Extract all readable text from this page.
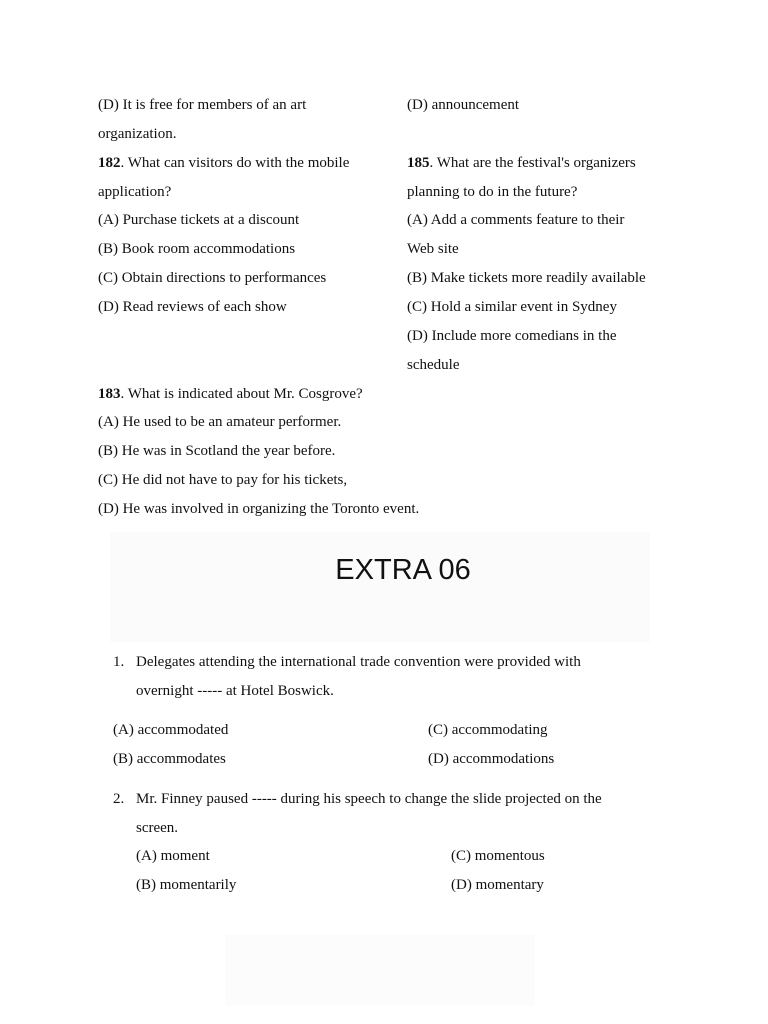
(D) It is free for members of an art
organization.
182. What can visitors do with the mobile
application?
(A) Purchase tickets at a discount
(B) Book room accommodations
(C) Obtain directions to performances
(D) Read reviews of each show
183. What is indicated about Mr. Cosgrove?
(A) He used to be an amateur performer.
(B) He was in Scotland the year before.
(C) He did not have to pay for his tickets,
(D) He was involved in organizing the Toronto event.
(D) announcement
185. What are the festival's organizers
planning to do in the future?
(A) Add a comments feature to their
Web site
(B) Make tickets more readily available
(C) Hold a similar event in Sydney
(D) Include more comedians in the
schedule
EXTRA 06
1. Delegates attending the international trade convention were provided with
overnight ----- at Hotel Boswick.
(A) accommodated
(B) accommodates
(C) accommodating
(D) accommodations
2. Mr. Finney paused ----- during his speech to change the slide projected on the
screen.
(A) moment
(B) momentarily
(C) momentous
(D) momentary
